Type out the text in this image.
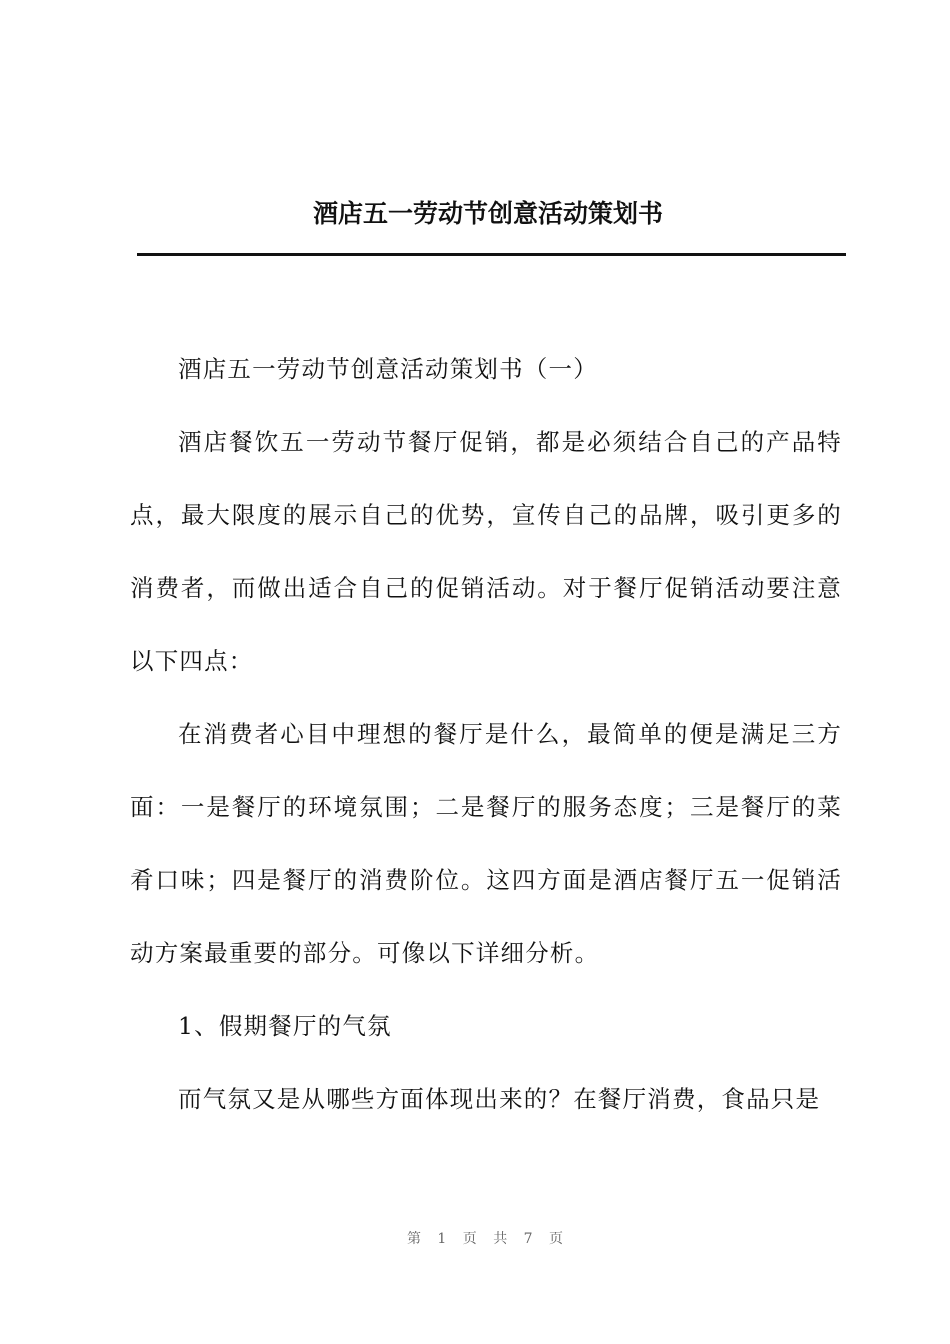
酒店五一劳动节创意活动策划书

酒店五一劳动节创意活动策划书（一）

酒店餐饮五一劳动节餐厅促销，都是必须结合自己的产品特点，最大限度的展示自己的优势，宣传自己的品牌，吸引更多的消费者，而做出适合自己的促销活动。对于餐厅促销活动要注意以下四点：

在消费者心目中理想的餐厅是什么，最简单的便是满足三方面：一是餐厅的环境氛围；二是餐厅的服务态度；三是餐厅的菜肴口味；四是餐厅的消费阶位。这四方面是酒店餐厅五一促销活动方案最重要的部分。可像以下详细分析。

1、假期餐厅的气氛

而气氛又是从哪些方面体现出来的？在餐厅消费，食品只是

第 1 页 共 7 页
